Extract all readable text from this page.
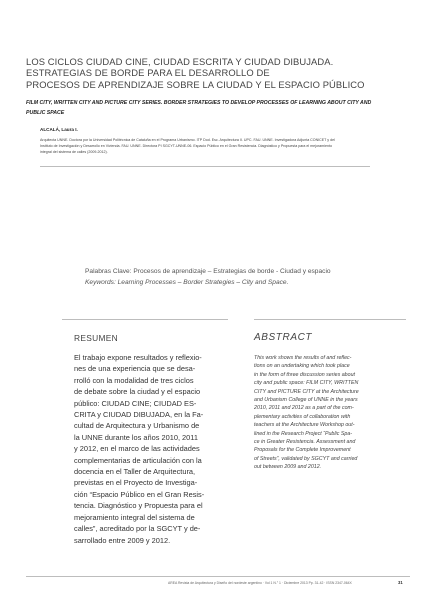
LOS CICLOS CIUDAD CINE, CIUDAD ESCRITA Y CIUDAD DIBUJADA.
ESTRATEGIAS DE BORDE PARA EL DESARROLLO DE
PROCESOS DE APRENDIZAJE SOBRE LA CIUDAD Y EL ESPACIO PÚBLICO
FILM CITY, WRITTEN CITY AND PICTURE CITY SERIES. BORDER STRATEGIES TO DEVELOP PROCESSES OF LEARNING ABOUT CITY AND PUBLIC SPACE
ALCALÁ, Laura I.
Arquitecta UNNE. Doctora por la Universidad Politécnica de Cataluña en el Programa Urbanismo. ITP Dod. Esc. Arquitectura II. UPC. FAU. UNNE. Investigadora Adjunta CONICET y del Instituto de Investigación y Desarrollo en Vivienda. FAU. UNNE. Directora PI SGCYT-UNNE-06. Espacio Público en el Gran Resistencia. Diagnóstico y Propuesta para el mejoramiento integral del sistema de calles (2009-2012).
Palabras Clave: Procesos de aprendizaje – Estrategias de borde - Ciudad y espacio
Keywords: Learning Processes – Border Strategies – City and Space.
RESUMEN	ABSTRACT
El trabajo expone resultados y reflexio-
nes de una experiencia que se desa-
rrolló con la modalidad de tres ciclos
de debate sobre la ciudad y el espacio
público: CIUDAD CINE; CIUDAD ES-
CRITA y CIUDAD DIBUJADA, en la Fa-
cultad de Arquitectura y Urbanismo de
la UNNE durante los años 2010, 2011
y 2012, en el marco de las actividades
complementarias de articulación con la
docencia en el Taller de Arquitectura,
previstas en el Proyecto de Investiga-
ción “Espacio Público en el Gran Resis-
tencia. Diagnóstico y Propuesta para el
mejoramiento integral del sistema de
calles”, acreditado por la SGCYT y de-
sarrollado entre 2009 y 2012.
This work shows the results of and reflec-
tions on an undertaking which took place
in the form of three discussion series about
city and public space: FILM CITY, WRITTEN
CITY and PICTURE CITY at the Architecture
and Urbanism College of UNNE in the years
2010, 2011 and 2012 as a part of the com-
plementary activities of collaboration with
teachers at the Architecture Workshop out-
lined in the Research Project “Public Spa-
ce in Greater Resistencia. Assessment and
Proposals for the Complete Improvement
of Streets”, validated by SGCYT and carried
out between 2009 and 2012.
AREA Revista de Arquitectura y Diseño del nordeste argentino · Vol 1 N.° 1 · Diciembre 2013 Pp. 31-42 · ISSN 2347-064X	31
